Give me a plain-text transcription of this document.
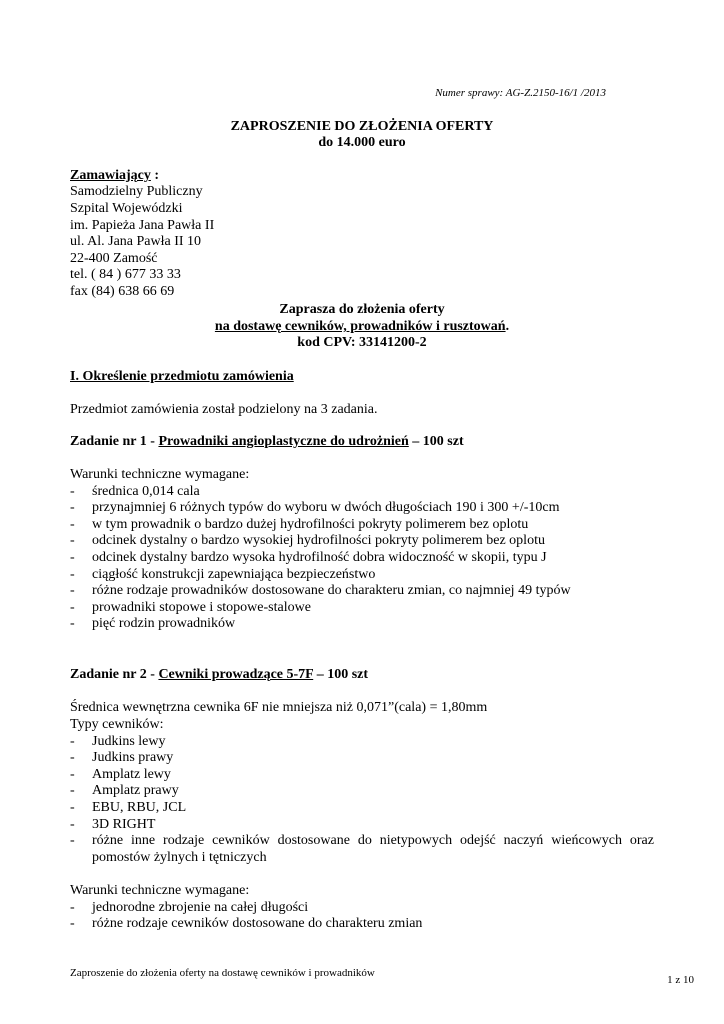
Numer sprawy: AG-Z.2150-16/1 /2013
ZAPROSZENIE DO ZŁOŻENIA OFERTY
do 14.000 euro
Zamawiający :
Samodzielny Publiczny
Szpital Wojewódzki
im. Papieża Jana Pawła II
ul. Al. Jana Pawła II 10
22-400 Zamość
tel. ( 84 ) 677 33 33
fax (84) 638 66 69
Zaprasza do złożenia oferty
na dostawę cewników, prowadników i rusztowań.
kod CPV: 33141200-2
I. Określenie przedmiotu zamówienia
Przedmiot zamówienia został podzielony na 3 zadania.
Zadanie nr 1 - Prowadniki angioplastyczne do udrożnień – 100 szt
Warunki techniczne wymagane:
- średnica 0,014 cala
- przynajmniej 6 różnych typów do wyboru w dwóch długościach 190 i 300 +/-10cm
- w tym prowadnik o bardzo dużej hydrofilności pokryty polimerem bez oplotu
- odcinek dystalny o bardzo wysokiej hydrofilności pokryty polimerem bez oplotu
- odcinek dystalny bardzo wysoka hydrofilność dobra widoczność w skopii, typu J
- ciągłość konstrukcji zapewniająca bezpieczeństwo
- różne rodzaje prowadników dostosowane do charakteru zmian, co najmniej 49 typów
- prowadniki stopowe i stopowe-stalowe
- pięć rodzin prowadników
Zadanie nr 2 - Cewniki prowadzące 5-7F – 100 szt
Średnica wewnętrzna cewnika 6F nie mniejsza niż 0,071”(cala) = 1,80mm
Typy cewników:
- Judkins lewy
- Judkins prawy
- Amplatz lewy
- Amplatz prawy
- EBU, RBU, JCL
- 3D RIGHT
- różne inne rodzaje cewników dostosowane do nietypowych odejść naczyń wieńcowych oraz
pomostów żylnych i tętniczych
Warunki techniczne wymagane:
- jednorodne zbrojenie na całej długości
- różne rodzaje cewników dostosowane do charakteru zmian
Zaproszenie do złożenia oferty na dostawę cewników i prowadników
1 z 10
